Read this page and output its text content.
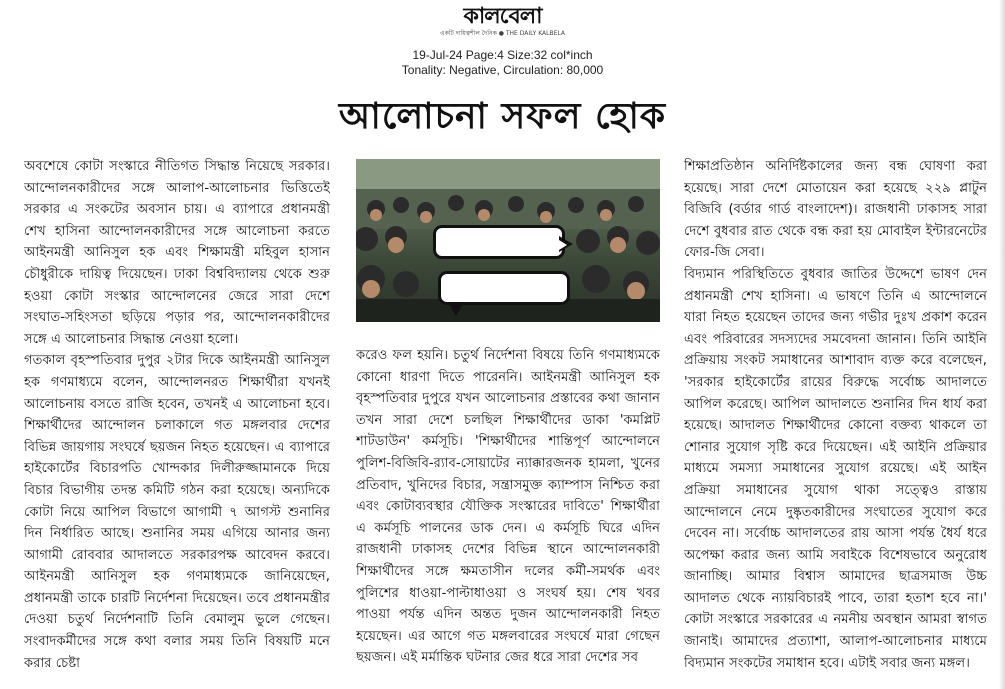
কালবেলা
একটি দায়িত্বশীল দৈনিক ● THE DAILY KALBELA
19-Jul-24 Page:4 Size:32 col*inch
Tonality: Negative, Circulation: 80,000
আলোচনা সফল হোক

অবশেষে কোটা সংস্কারে নীতিগত সিদ্ধান্ত নিয়েছে সরকার। আন্দোলনকারীদের সঙ্গে আলাপ-আলোচনার ভিত্তিতেই সরকার এ সংকটের অবসান চায়। এ ব্যাপারে প্রধানমন্ত্রী শেখ হাসিনা আন্দোলনকারীদের সঙ্গে আলোচনা করতে আইনমন্ত্রী আনিসুল হক এবং শিক্ষামন্ত্রী মহিবুল হাসান চৌধুরীকে দায়িত্ব দিয়েছেন। ঢাকা বিশ্ববিদ্যালয় থেকে শুরু হওয়া কোটা সংস্কার আন্দোলনের জেরে সারা দেশে সংঘাত-সহিংসতা ছড়িয়ে পড়ার পর, আন্দোলনকারীদের সঙ্গে এ আলোচনার সিদ্ধান্ত নেওয়া হলো।

গতকাল বৃহস্পতিবার দুপুর ২টার দিকে আইনমন্ত্রী আনিসুল হক গণমাধ্যমে বলেন, আন্দোলনরত শিক্ষার্থীরা যখনই আলোচনায় বসতে রাজি হবেন, তখনই এ আলোচনা হবে। শিক্ষার্থীদের আন্দোলন চলাকালে গত মঙ্গলবার দেশের বিভিন্ন জায়গায় সংঘর্ষে ছয়জন নিহত হয়েছেন। এ ব্যাপারে হাইকোর্টের বিচারপতি খোন্দকার দিলীরুজ্জামানকে দিয়ে বিচার বিভাগীয় তদন্ত কমিটি গঠন করা হয়েছে। অন্যদিকে কোটা নিয়ে আপিল বিভাগে আগামী ৭ আগস্ট শুনানির দিন নির্ধারিত আছে। শুনানির সময় এগিয়ে আনার জন্য আগামী রোববার আদালতে সরকারপক্ষ আবেদন করবে। আইনমন্ত্রী আনিসুল হক গণমাধ্যমকে জানিয়েছেন, প্রধানমন্ত্রী তাকে চারটি নির্দেশনা দিয়েছেন। তবে প্রধানমন্ত্রীর দেওয়া চতুর্থ নির্দেশনাটি তিনি বেমালুম ভুলে গেছেন। সংবাদকর্মীদের সঙ্গে কথা বলার সময় তিনি বিষয়টি মনে করার চেষ্টা

করেও ফল হয়নি। চতুর্থ নির্দেশনা বিষয়ে তিনি গণমাধ্যমকে কোনো ধারণা দিতে পারেননি। আইনমন্ত্রী আনিসুল হক বৃহস্পতিবার দুপুরে যখন আলোচনার প্রস্তাবের কথা জানান তখন সারা দেশে চলছিল শিক্ষার্থীদের ডাকা 'কমপ্লিট শাটডাউন' কর্মসূচি। 'শিক্ষার্থীদের শান্তিপূর্ণ আন্দোলনে পুলিশ-বিজিবি-র‌্যাব-সোয়াটের ন্যাক্কারজনক হামলা, খুনের প্রতিবাদ, খুনিদের বিচার, সন্ত্রাসমুক্ত ক্যাম্পাস নিশ্চিত করা এবং কোটাব্যবস্থার যৌক্তিক সংস্কারের দাবিতে' শিক্ষার্থীরা এ কর্মসূচি পালনের ডাক দেন। এ কর্মসূচি ঘিরে এদিন রাজধানী ঢাকাসহ দেশের বিভিন্ন স্থানে আন্দোলনকারী শিক্ষার্থীদের সঙ্গে ক্ষমতাসীন দলের কর্মী-সমর্থক এবং পুলিশের ধাওয়া-পাল্টাধাওয়া ও সংঘর্ষ হয়। শেষ খবর পাওয়া পর্যন্ত এদিন অন্তত দুজন আন্দোলনকারী নিহত হয়েছেন। এর আগে গত মঙ্গলবারের সংঘর্ষে মারা গেছেন ছয়জন। এই মর্মান্তিক ঘটনার জের ধরে সারা দেশের সব

শিক্ষাপ্রতিষ্ঠান অনির্দিষ্টকালের জন্য বন্ধ ঘোষণা করা হয়েছে। সারা দেশে মোতায়েন করা হয়েছে ২২৯ প্লাটুন বিজিবি (বর্ডার গার্ড বাংলাদেশ)। রাজধানী ঢাকাসহ সারা দেশে বুধবার রাত থেকে বন্ধ করা হয় মোবাইল ইন্টারনেটের ফোর-জি সেবা।

বিদ্যমান পরিস্থিতিতে বুধবার জাতির উদ্দেশে ভাষণ দেন প্রধানমন্ত্রী শেখ হাসিনা। এ ভাষণে তিনি এ আন্দোলনে যারা নিহত হয়েছেন তাদের জন্য গভীর দুঃখ প্রকাশ করেন এবং পরিবারের সদস্যদের সমবেদনা জানান। তিনি আইনি প্রক্রিয়ায় সংকট সমাধানের আশাবাদ ব্যক্ত করে বলেছেন, 'সরকার হাইকোর্টের রায়ের বিরুদ্ধে সর্বোচ্চ আদালতে আপিল করেছে। আপিল আদালতে শুনানির দিন ধার্য করা হয়েছে। আদালত শিক্ষার্থীদের কোনো বক্তব্য থাকলে তা শোনার সুযোগ সৃষ্টি করে দিয়েছেন। এই আইনি প্রক্রিয়ার মাধ্যমে সমস্যা সমাধানের সুযোগ রয়েছে। এই আইন প্রক্রিয়া সমাধানের সুযোগ থাকা সত্ত্বেও রাস্তায় আন্দোলনে নেমে দুষ্কৃতকারীদের সংঘাতের সুযোগ করে দেবেন না। সর্বোচ্চ আদালতের রায় আসা পর্যন্ত ধৈর্য ধরে অপেক্ষা করার জন্য আমি সবাইকে বিশেষভাবে অনুরোধ জানাচ্ছি। আমার বিশ্বাস আমাদের ছাত্রসমাজ উচ্চ আদালত থেকে ন্যায়বিচারই পাবে, তারা হতাশ হবে না।' কোটা সংস্কারে সরকারের এ নমনীয় অবস্থান আমরা স্বাগত জানাই। আমাদের প্রত্যাশা, আলাপ-আলোচনার মাধ্যমে বিদ্যমান সংকটের সমাধান হবে। এটাই সবার জন্য মঙ্গল।
